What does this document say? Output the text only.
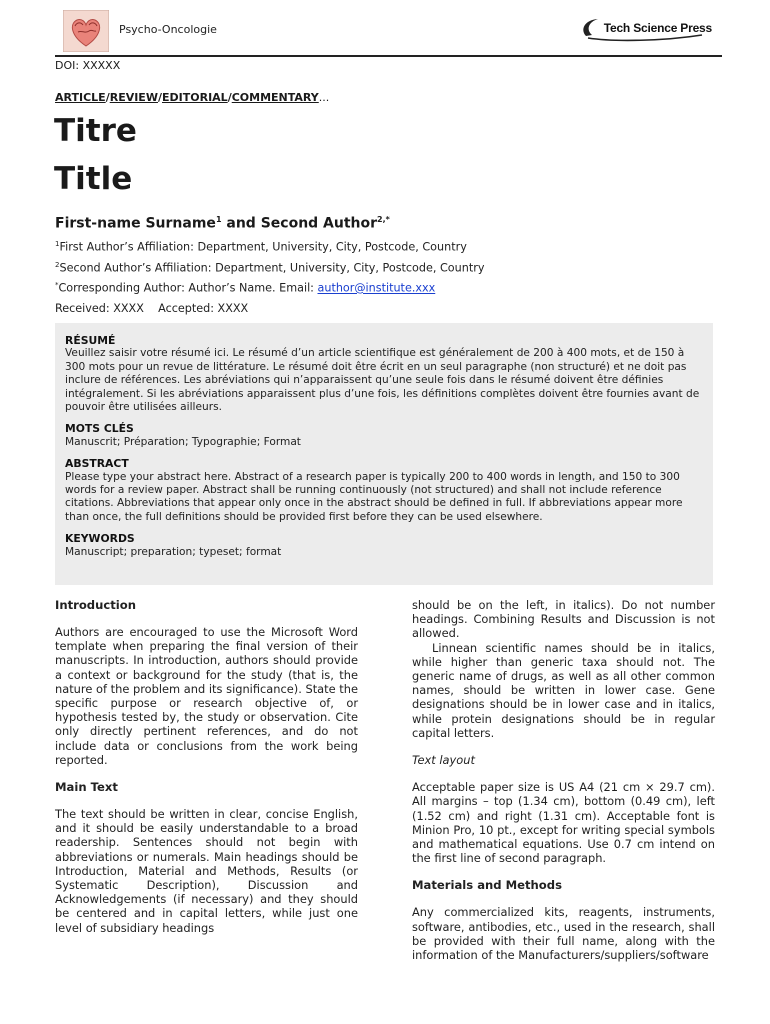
Psycho-Oncologie	Tech Science Press
DOI: XXXXX
ARTICLE/REVIEW/EDITORIAL/COMMENTARY...
Titre
Title
First-name Surname$^1$ and Second Author$^{2,*}$
$^1$First Author’s Affiliation: Department, University, City, Postcode, Country
$^2$Second Author’s Affiliation: Department, University, City, Postcode, Country
*Corresponding Author: Author’s Name. Email: author@institute.xxx
Received: XXXX    Accepted: XXXX
RÉSUMÉ
Veuillez saisir votre résumé ici. Le résumé d’un article scientifique est généralement de 200 à 400 mots, et de 150 à 300 mots pour un revue de littérature. Le résumé doit être écrit en un seul paragraphe (non structuré) et ne doit pas inclure de références. Les abréviations qui n’apparaissent qu’une seule fois dans le résumé doivent être définies intégralement. Si les abréviations apparaissent plus d’une fois, les définitions complètes doivent être fournies avant de pouvoir être utilisées ailleurs.
MOTS CLÉS
Manuscrit; Préparation; Typographie; Format
ABSTRACT
Please type your abstract here. Abstract of a research paper is typically 200 to 400 words in length, and 150 to 300 words for a review paper. Abstract shall be running continuously (not structured) and shall not include reference citations. Abbreviations that appear only once in the abstract should be defined in full. If abbreviations appear more than once, the full definitions should be provided first before they can be used elsewhere.
KEYWORDS
Manuscript; preparation; typeset; format
Introduction

Authors are encouraged to use the Microsoft Word template when preparing the final version of their manuscripts. In introduction, authors should provide a context or background for the study (that is, the nature of the problem and its significance). State the specific purpose or research objective of, or hypothesis tested by, the study or observation. Cite only directly pertinent references, and do not include data or conclusions from the work being reported.

Main Text

The text should be written in clear, concise English, and it should be easily understandable to a broad readership. Sentences should not begin with abbreviations or numerals. Main headings should be Introduction, Material and Methods, Results (or Systematic Description), Discussion and Acknowledgements (if necessary) and they should be centered and in capital letters, while just one level of subsidiary headings

should be on the left, in italics). Do not number headings. Combining Results and Discussion is not allowed.

Linnean scientific names should be in italics, while higher than generic taxa should not. The generic name of drugs, as well as all other common names, should be written in lower case. Gene designations should be in lower case and in italics, while protein designations should be in regular capital letters.

Text layout

Acceptable paper size is US A4 (21 cm × 29.7 cm). All margins – top (1.34 cm), bottom (0.49 cm), left (1.52 cm) and right (1.31 cm). Acceptable font is Minion Pro, 10 pt., except for writing special symbols and mathematical equations. Use 0.7 cm intend on the first line of second paragraph.

Materials and Methods

Any commercialized kits, reagents, instruments, software, antibodies, etc., used in the research, shall be provided with their full name, along with the information of the Manufacturers/suppliers/software
